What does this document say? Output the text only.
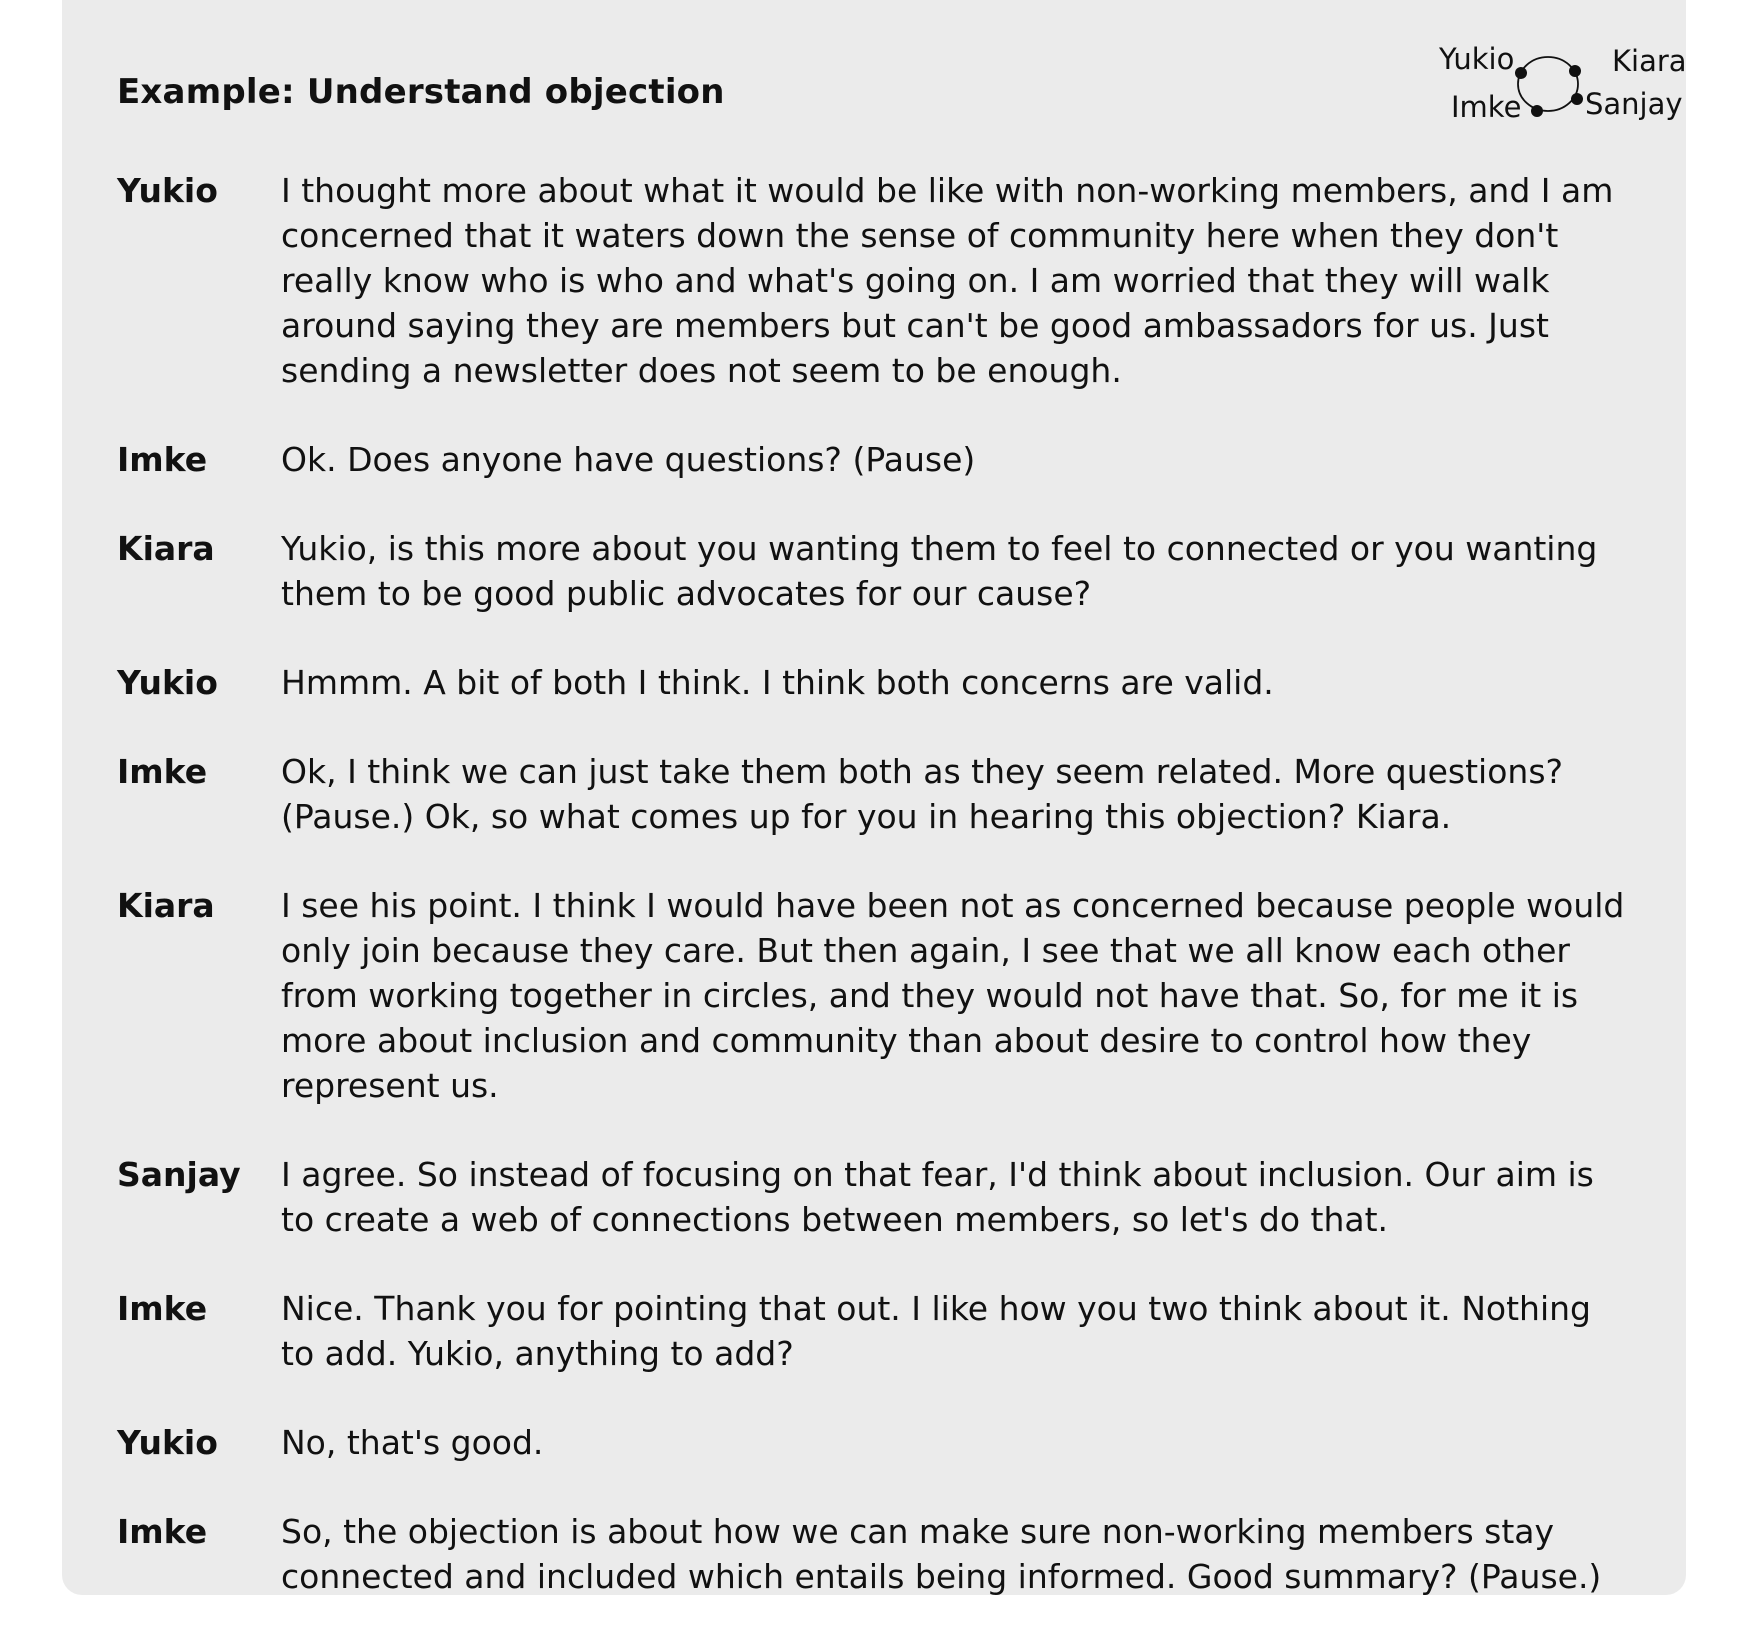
Example: Understand objection
Yukio	Kiara
Imke Sanjay
Yukio	I thought more about what it would be like with non-working members, and I am concerned that it waters down the sense of community here when they don't really know who is who and what's going on. I am worried that they will walk around saying they are members but can't be good ambassadors for us. Just sending a newsletter does not seem to be enough.
Imke	Ok. Does anyone have questions? (Pause)
Kiara	Yukio, is this more about you wanting them to feel to connected or you wanting them to be good public advocates for our cause?
Yukio	Hmmm. A bit of both I think. I think both concerns are valid.
Imke	Ok, I think we can just take them both as they seem related. More questions? (Pause.) Ok, so what comes up for you in hearing this objection? Kiara.
Kiara	I see his point. I think I would have been not as concerned because people would only join because they care. But then again, I see that we all know each other from working together in circles, and they would not have that. So, for me it is more about inclusion and community than about desire to control how they represent us.
Sanjay	I agree. So instead of focusing on that fear, I'd think about inclusion. Our aim is to create a web of connections between members, so let's do that.
Imke	Nice. Thank you for pointing that out. I like how you two think about it. Nothing to add. Yukio, anything to add?
Yukio	No, that's good.
Imke	So, the objection is about how we can make sure non-working members stay connected and included which entails being informed. Good summary? (Pause.)
